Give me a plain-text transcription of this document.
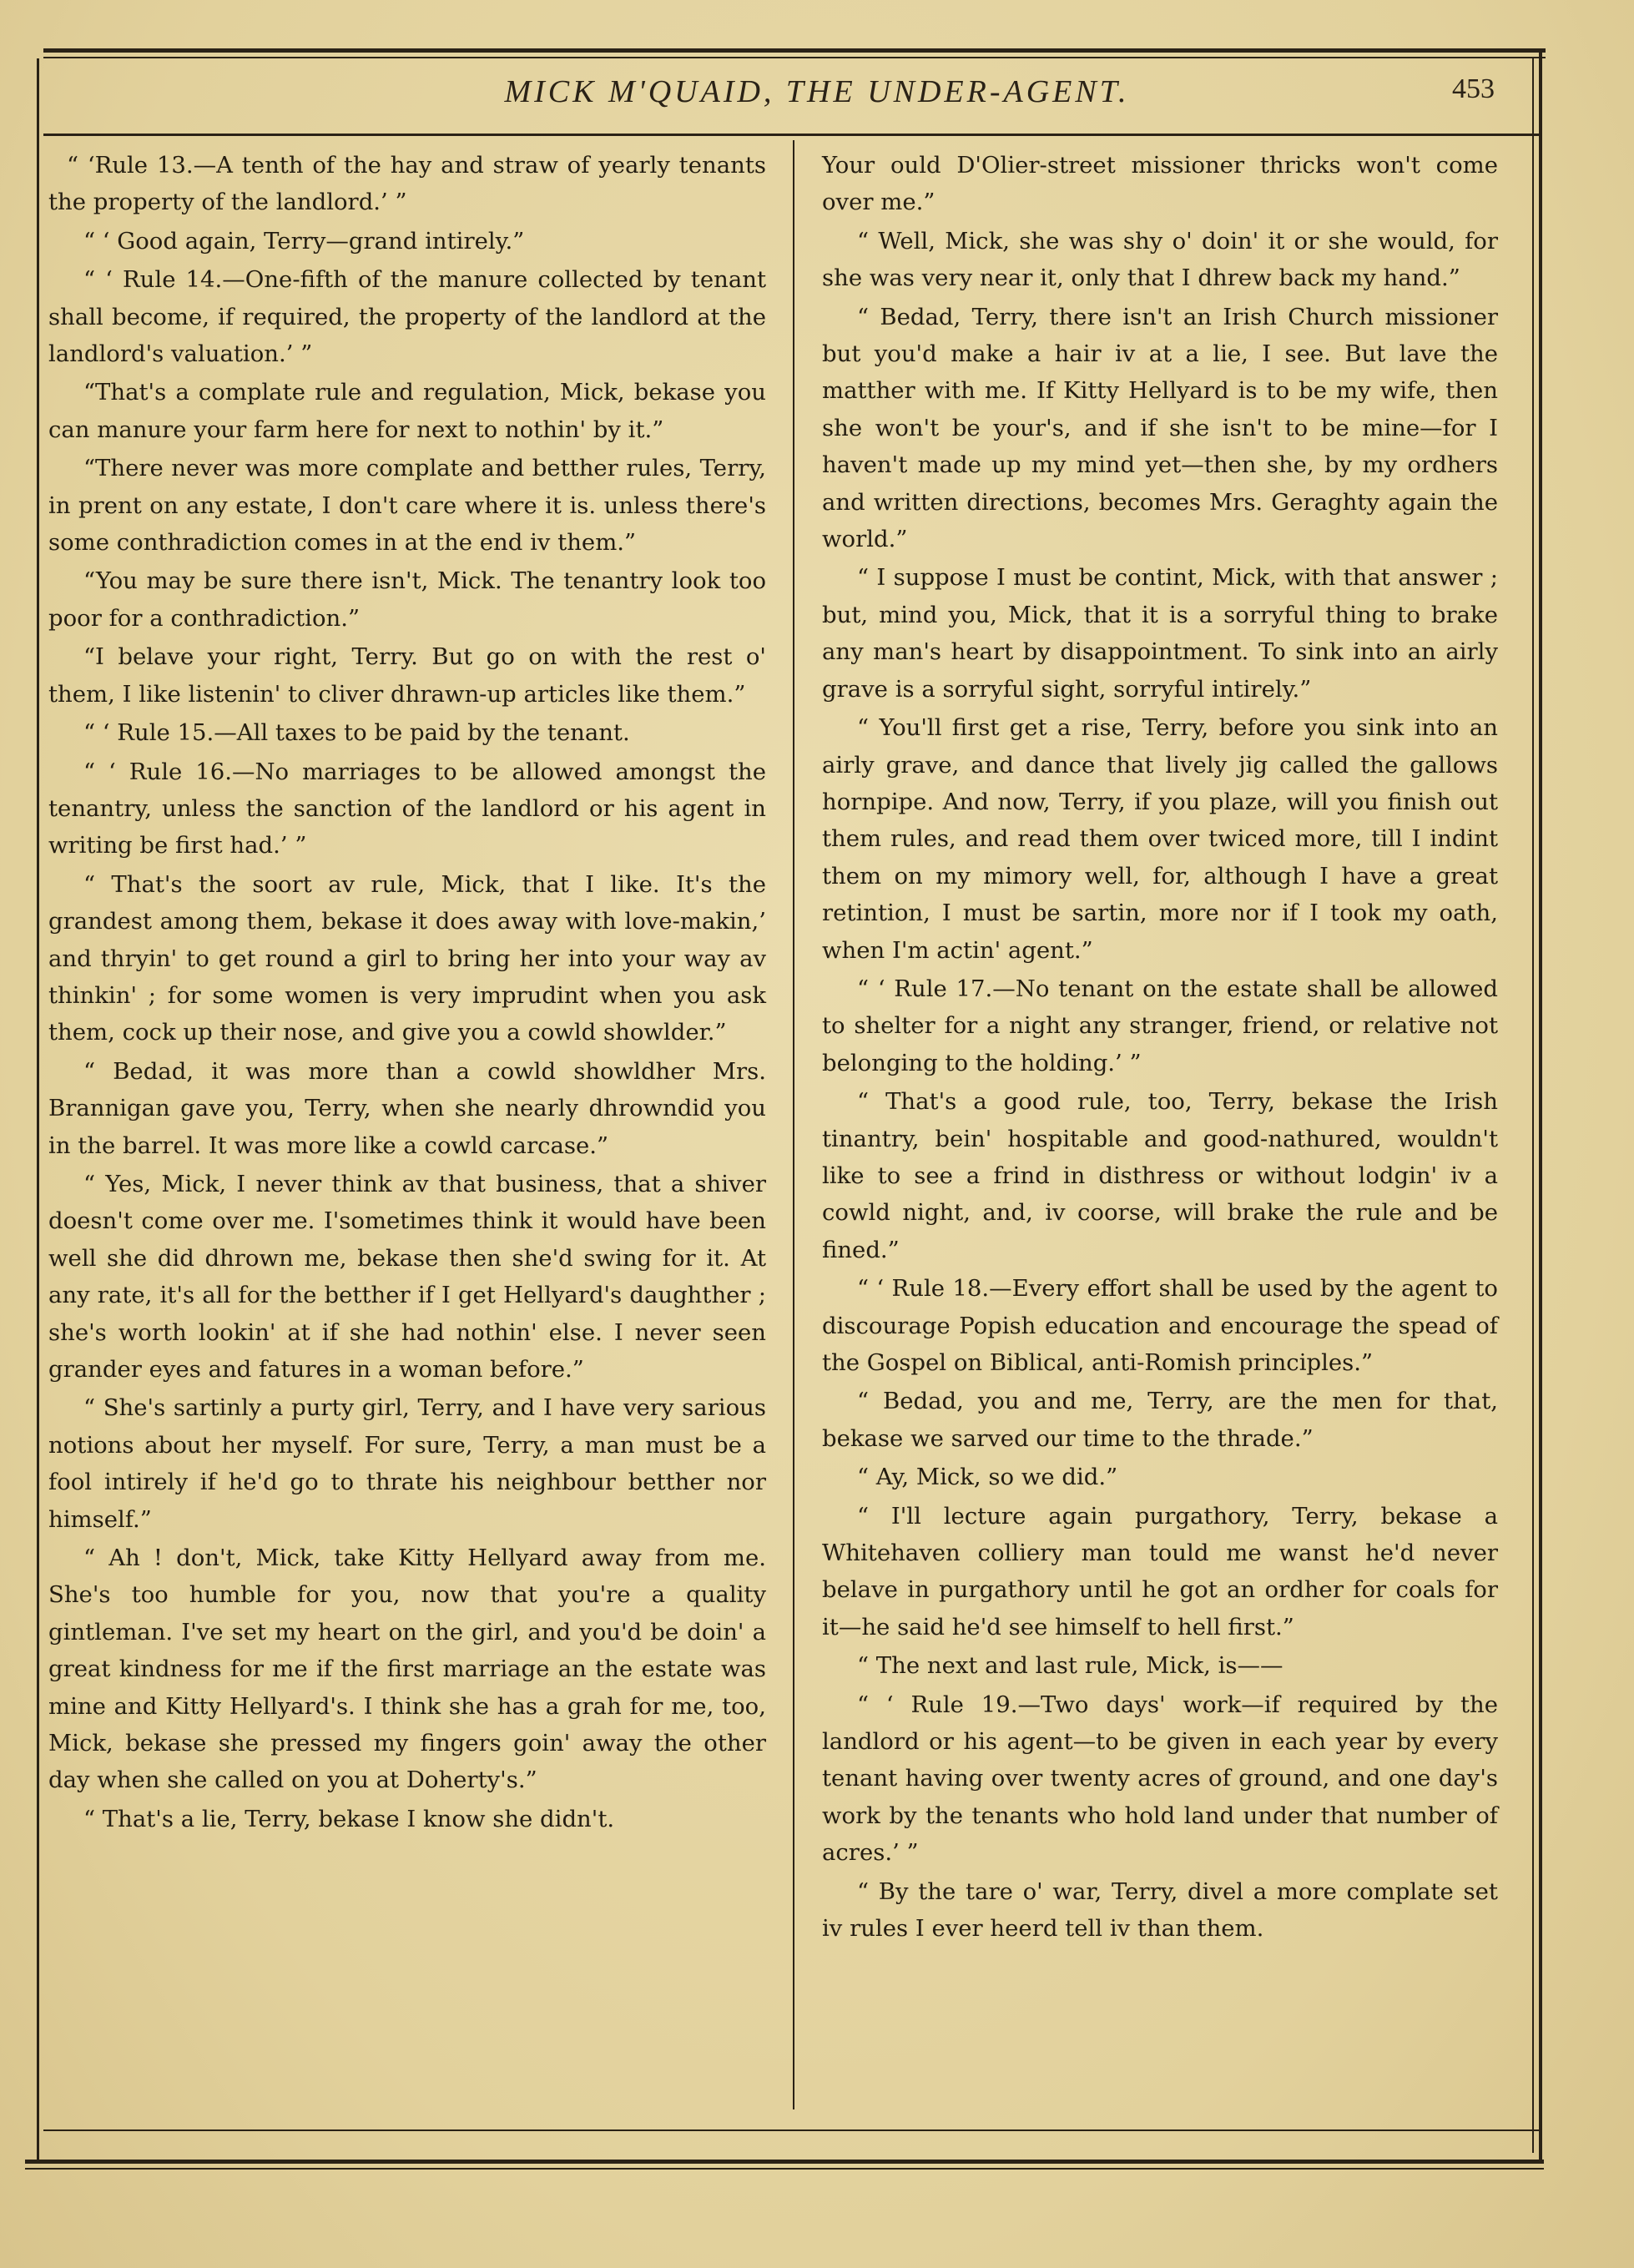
MICK M'QUAID, THE UNDER-AGENT.	453

“ ‘Rule 13.—A tenth of the hay and straw of yearly tenants the property of the landlord.’ ”

“ ‘ Good again, Terry—grand intirely.”

“ ‘ Rule 14.—One-fifth of the manure collected by tenant shall become, if required, the property of the landlord at the landlord's valuation.’ ”

“That's a complate rule and regulation, Mick, bekase you can manure your farm here for next to nothin' by it.”

“There never was more complate and betther rules, Terry, in prent on any estate, I don't care where it is. unless there's some conthradiction comes in at the end iv them.”

“You may be sure there isn't, Mick. The tenantry look too poor for a conthradiction.”

“I belave your right, Terry. But go on with the rest o' them, I like listenin' to cliver dhrawn-up articles like them.”

“ ‘ Rule 15.—All taxes to be paid by the tenant.

“ ‘ Rule 16.—No marriages to be allowed amongst the tenantry, unless the sanction of the landlord or his agent in writing be first had.’ ”

“ That's the soort av rule, Mick, that I like. It's the grandest among them, bekase it does away with love-makin,’ and thryin' to get round a girl to bring her into your way av thinkin' ; for some women is very imprudint when you ask them, cock up their nose, and give you a cowld showlder.”

“ Bedad, it was more than a cowld showldher Mrs. Brannigan gave you, Terry, when she nearly dhrowndid you in the barrel. It was more like a cowld carcase.”

“ Yes, Mick, I never think av that business, that a shiver doesn't come over me. I'sometimes think it would have been well she did dhrown me, bekase then she'd swing for it. At any rate, it's all for the betther if I get Hellyard's daughther ; she's worth lookin' at if she had nothin' else. I never seen grander eyes and fatures in a woman before.”

“ She's sartinly a purty girl, Terry, and I have very sarious notions about her myself. For sure, Terry, a man must be a fool intirely if he'd go to thrate his neighbour betther nor himself.”

“ Ah ! don't, Mick, take Kitty Hellyard away from me. She's too humble for you, now that you're a quality gintleman. I've set my heart on the girl, and you'd be doin' a great kindness for me if the first marriage an the estate was mine and Kitty Hellyard's. I think she has a grah for me, too, Mick, bekase she pressed my fingers goin' away the other day when she called on you at Doherty's.”

“ That's a lie, Terry, bekase I know she didn't.

Your ould D'Olier-street missioner thricks won't come over me.”

“ Well, Mick, she was shy o' doin' it or she would, for she was very near it, only that I dhrew back my hand.”

“ Bedad, Terry, there isn't an Irish Church missioner but you'd make a hair iv at a lie, I see. But lave the matther with me. If Kitty Hellyard is to be my wife, then she won't be your's, and if she isn't to be mine—for I haven't made up my mind yet—then she, by my ordhers and written directions, becomes Mrs. Geraghty again the world.”

“ I suppose I must be contint, Mick, with that answer ; but, mind you, Mick, that it is a sorryful thing to brake any man's heart by disappointment. To sink into an airly grave is a sorryful sight, sorryful intirely.”

“ You'll first get a rise, Terry, before you sink into an airly grave, and dance that lively jig called the gallows hornpipe. And now, Terry, if you plaze, will you finish out them rules, and read them over twiced more, till I indint them on my mimory well, for, although I have a great retintion, I must be sartin, more nor if I took my oath, when I'm actin' agent.”

“ ‘ Rule 17.—No tenant on the estate shall be allowed to shelter for a night any stranger, friend, or relative not belonging to the holding.’ ”

“ That's a good rule, too, Terry, bekase the Irish tinantry, bein' hospitable and good-nathured, wouldn't like to see a frind in disthress or without lodgin' iv a cowld night, and, iv coorse, will brake the rule and be fined.”

“ ‘ Rule 18.—Every effort shall be used by the agent to discourage Popish education and encourage the spead of the Gospel on Biblical, anti-Romish principles.”

“ Bedad, you and me, Terry, are the men for that, bekase we sarved our time to the thrade.”

“ Ay, Mick, so we did.”

“ I'll lecture again purgathory, Terry, bekase a Whitehaven colliery man tould me wanst he'd never belave in purgathory until he got an ordher for coals for it—he said he'd see himself to hell first.”

“ The next and last rule, Mick, is——

“ ‘ Rule 19.—Two days' work—if required by the landlord or his agent—to be given in each year by every tenant having over twenty acres of ground, and one day's work by the tenants who hold land under that number of acres.’ ”

“ By the tare o' war, Terry, divel a more complate set iv rules I ever heerd tell iv than them.
